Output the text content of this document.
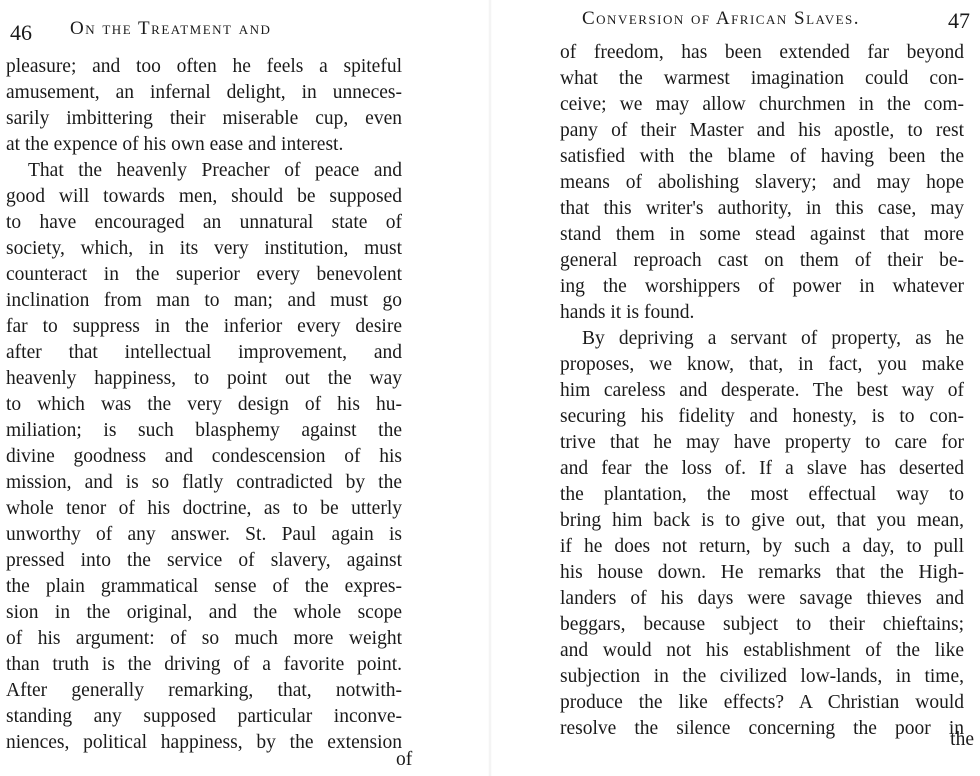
46 On the Treatment and
pleasure; and too often he feels a spiteful
amusement, an infernal delight, in unneces-
sarily imbittering their miserable cup, even
at the expence of his own ease and interest.
That the heavenly Preacher of peace and
good will towards men, should be supposed
to have encouraged an unnatural state of
society, which, in its very institution, must
counteract in the superior every benevolent
inclination from man to man; and must go
far to suppress in the inferior every desire
after that intellectual improvement, and
heavenly happiness, to point out the way
to which was the very design of his hu-
miliation; is such blasphemy against the
divine goodness and condescension of his
mission, and is so flatly contradicted by the
whole tenor of his doctrine, as to be utterly
unworthy of any answer. St. Paul again is
pressed into the service of slavery, against
the plain grammatical sense of the expres-
sion in the original, and the whole scope
of his argument: of so much more weight
than truth is the driving of a favorite point.
After generally remarking, that, notwith-
standing any supposed particular inconve-
niences, political happiness, by the extension
of
Conversion of African Slaves.	47
of freedom, has been extended far beyond
what the warmest imagination could con-
ceive; we may allow churchmen in the com-
pany of their Master and his apostle, to rest
satisfied with the blame of having been the
means of abolishing slavery; and may hope
that this writer's authority, in this case, may
stand them in some stead against that more
general reproach cast on them of their be-
ing the worshippers of power in whatever
hands it is found.
By depriving a servant of property, as he
proposes, we know, that, in fact, you make
him careless and desperate. The best way of
securing his fidelity and honesty, is to con-
trive that he may have property to care for
and fear the loss of. If a slave has deserted
the plantation, the most effectual way to
bring him back is to give out, that you mean,
if he does not return, by such a day, to pull
his house down. He remarks that the High-
landers of his days were savage thieves and
beggars, because subject to their chieftains;
and would not his establishment of the like
subjection in the civilized low-lands, in time,
produce the like effects? A Christian would
resolve the silence concerning the poor in
the
